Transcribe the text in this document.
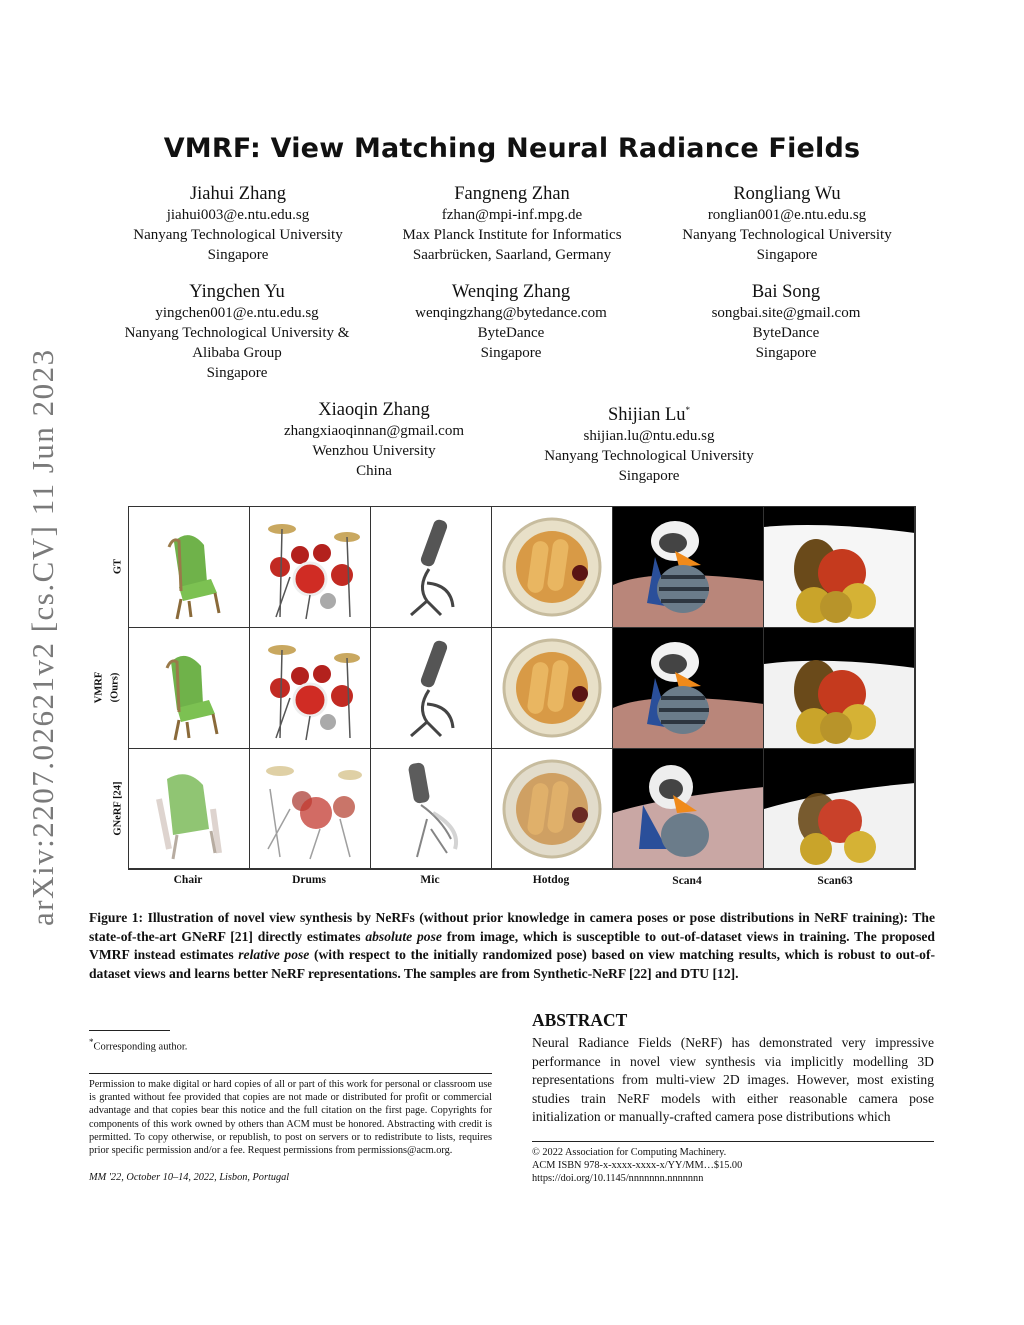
arXiv:2207.02621v2 [cs.CV] 11 Jun 2023
VMRF: View Matching Neural Radiance Fields
Jiahui Zhang
jiahui003@e.ntu.edu.sg
Nanyang Technological University
Singapore
Fangneng Zhan
fzhan@mpi-inf.mpg.de
Max Planck Institute for Informatics
Saarbrücken, Saarland, Germany
Rongliang Wu
ronglian001@e.ntu.edu.sg
Nanyang Technological University
Singapore
Yingchen Yu
yingchen001@e.ntu.edu.sg
Nanyang Technological University &
Alibaba Group
Singapore
Wenqing Zhang
wenqingzhang@bytedance.com
ByteDance
Singapore
Bai Song
songbai.site@gmail.com
ByteDance
Singapore
Xiaoqin Zhang
zhangxiaoqinnan@gmail.com
Wenzhou University
China
Shijian Lu*
shijian.lu@ntu.edu.sg
Nanyang Technological University
Singapore
GT
VMRF (Ours)
GNeRF [24]
Chair	Drums	Mic	Hotdog	Scan4	Scan63
Figure 1: Illustration of novel view synthesis by NeRFs (without prior knowledge in camera poses or pose distributions in NeRF training): The state-of-the-art GNeRF [21] directly estimates absolute pose from image, which is susceptible to out-of-dataset views in training. The proposed VMRF instead estimates relative pose (with respect to the initially randomized pose) based on view matching results, which is robust to out-of-dataset views and learns better NeRF representations. The samples are from Synthetic-NeRF [22] and DTU [12].
*Corresponding author.
Permission to make digital or hard copies of all or part of this work for personal or classroom use is granted without fee provided that copies are not made or distributed for profit or commercial advantage and that copies bear this notice and the full citation on the first page. Copyrights for components of this work owned by others than ACM must be honored. Abstracting with credit is permitted. To copy otherwise, or republish, to post on servers or to redistribute to lists, requires prior specific permission and/or a fee. Request permissions from permissions@acm.org.
MM '22, October 10–14, 2022, Lisbon, Portugal
ABSTRACT
Neural Radiance Fields (NeRF) has demonstrated very impressive performance in novel view synthesis via implicitly modelling 3D representations from multi-view 2D images. However, most existing studies train NeRF models with either reasonable camera pose initialization or manually-crafted camera pose distributions which
© 2022 Association for Computing Machinery.
ACM ISBN 978-x-xxxx-xxxx-x/YY/MM…$15.00
https://doi.org/10.1145/nnnnnnn.nnnnnnn
